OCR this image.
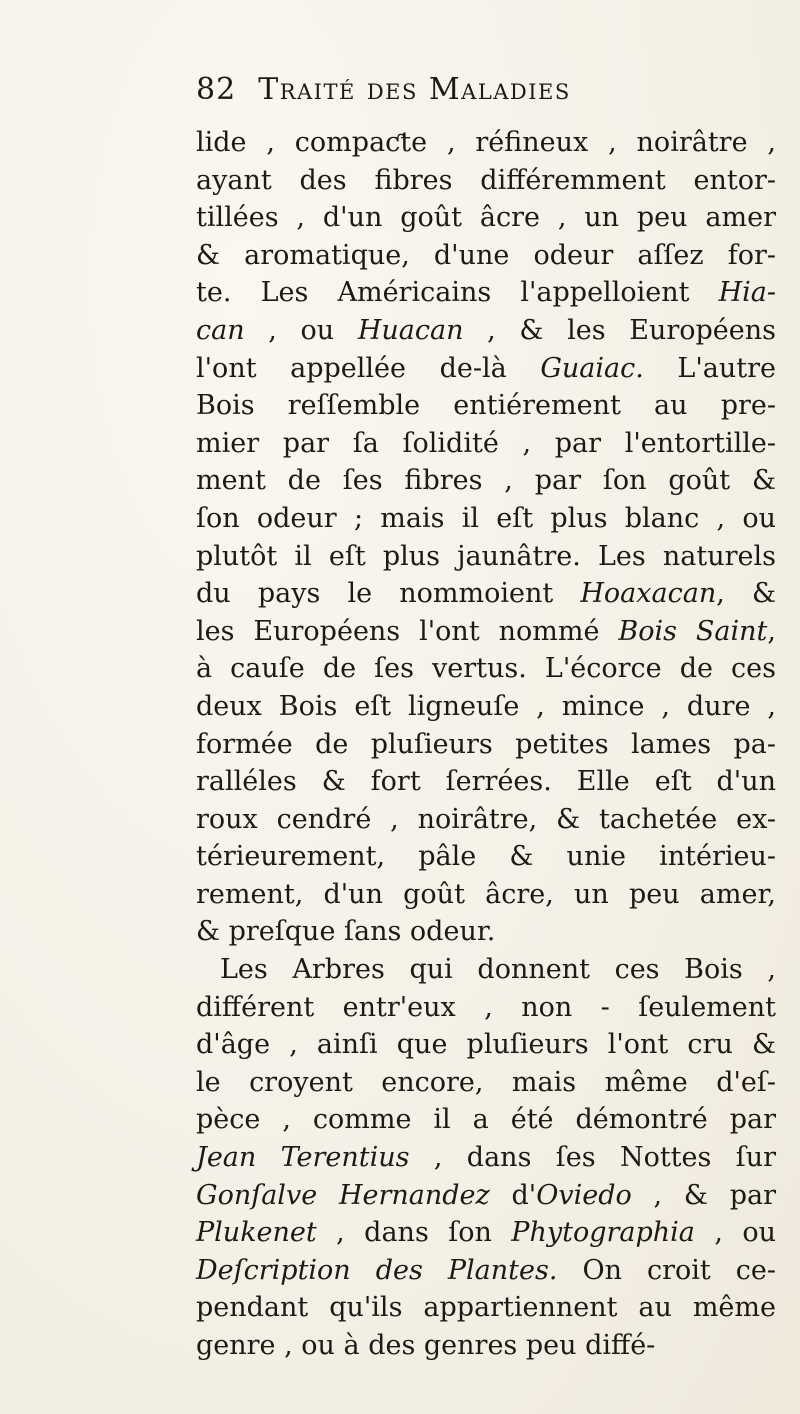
82 Traité des Maladies
lide , compaƈte , réfineux , noirâtre ,
ayant des fibres différemment entor-
tillées , d'un goût âcre , un peu amer
& aromatique, d'une odeur aſſez for-
te. Les Américains l'appelloient Hia-
can , ou Huacan , & les Européens
l'ont appellée de-là Guaiac. L'autre
Bois reſſemble entiérement au pre-
mier par ſa ſolidité , par l'entortille-
ment de ſes fibres , par ſon goût &
ſon odeur ; mais il eſt plus blanc , ou
plutôt il eſt plus jaunâtre. Les naturels
du pays le nommoient Hoaxacan, &
les Européens l'ont nommé Bois Saint,
à cauſe de ſes vertus. L'écorce de ces
deux Bois eſt ligneuſe , mince , dure ,
formée de pluſieurs petites lames pa-
ralléles & fort ſerrées. Elle eſt d'un
roux cendré , noirâtre, & tachetée ex-
térieurement, pâle & unie intérieu-
rement, d'un goût âcre, un peu amer,
& preſque ſans odeur.
Les Arbres qui donnent ces Bois ,
différent entr'eux , non - ſeulement
d'âge , ainſi que pluſieurs l'ont cru &
le croyent encore, mais même d'eſ-
pèce , comme il a été démontré par
Jean Terentius , dans ſes Nottes ſur
Gonſalve Hernandez d'Oviedo , & par
Plukenet , dans ſon Phytographia , ou
Deſcription des Plantes. On croit ce-
pendant qu'ils appartiennent au même
genre , ou à des genres peu diffé-
